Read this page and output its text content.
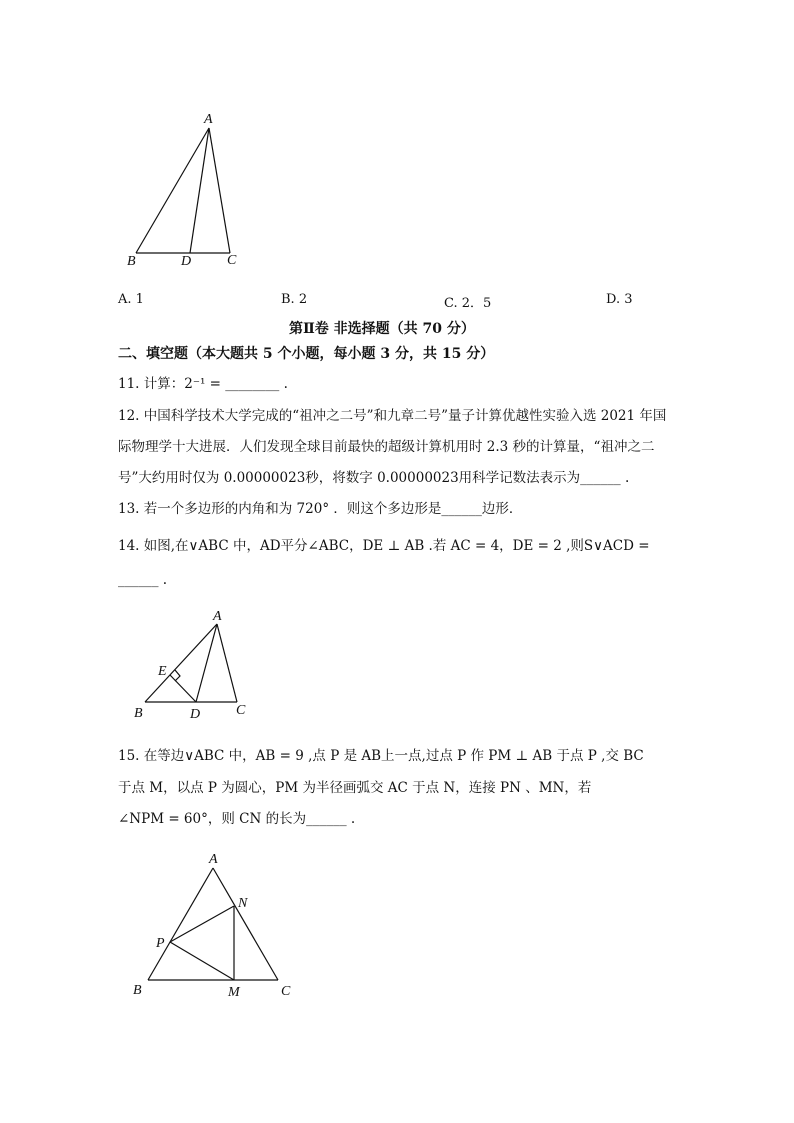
A
B	D	C
A. 1	B. 2	C. 2．5	D. 3
第Ⅱ卷 非选择题（共 70 分）
二、填空题（本大题共 5 个小题，每小题 3 分，共 15 分）
11. 计算：2⁻¹ = ________ .
12. 中国科学技术大学完成的“祖冲之二号”和九章二号”量子计算优越性实验入选 2021 年国
际物理学十大进展．人们发现全球目前最快的超级计算机用时 2.3 秒的计算量，“祖冲之二
号”大约用时仅为 0.00000023秒，将数字 0.00000023用科学记数法表示为______ .
13. 若一个多边形的内角和为 720° ．则这个多边形是______边形．
14. 如图,在∨ABC 中，AD平分∠ABC，DE ⊥ AB .若 AC = 4，DE = 2 ,则S∨ACD =
______ .
A
E
B	D	C
15. 在等边∨ABC 中，AB = 9 ,点 P 是 AB上一点,过点 P 作 PM ⊥ AB 于点 P ,交 BC
于点 M，以点 P 为圆心，PM 为半径画弧交 AC 于点 N，连接 PN 、MN，若
∠NPM = 60°，则 CN 的长为______ .
A
N
P
B	M	C
